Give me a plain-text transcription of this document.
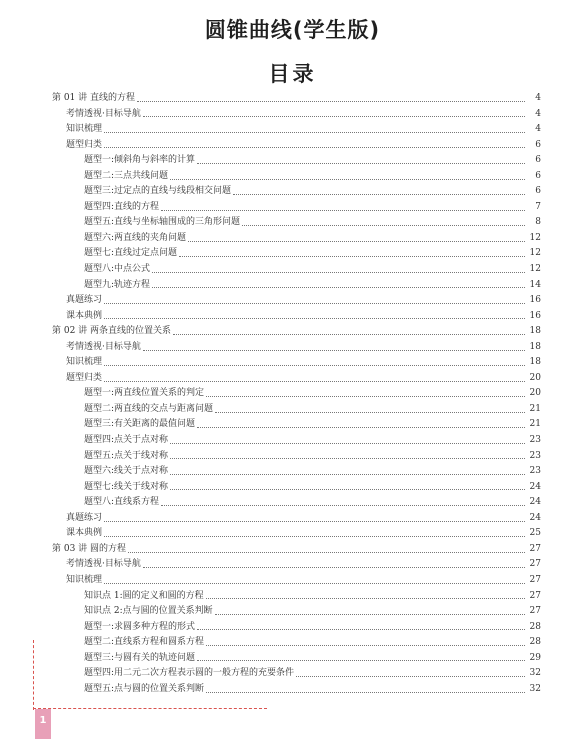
圆锥曲线(学生版)
目录
第 01 讲 直线的方程	4
考情透视·目标导航	4
知识梳理	4
题型归类	6
题型一:倾斜角与斜率的计算	6
题型二:三点共线问题	6
题型三:过定点的直线与线段相交问题	6
题型四:直线的方程	7
题型五:直线与坐标轴围成的三角形问题	8
题型六:两直线的夹角问题	12
题型七:直线过定点问题	12
题型八:中点公式	12
题型九:轨迹方程	14
真题练习	16
课本典例	16
第 02 讲 两条直线的位置关系	18
考情透视·目标导航	18
知识梳理	18
题型归类	20
题型一:两直线位置关系的判定	20
题型二:两直线的交点与距离问题	21
题型三:有关距离的最值问题	21
题型四:点关于点对称	23
题型五:点关于线对称	23
题型六:线关于点对称	23
题型七:线关于线对称	24
题型八:直线系方程	24
真题练习	24
课本典例	25
第 03 讲 圆的方程	27
考情透视·目标导航	27
知识梳理	27
知识点 1:圆的定义和圆的方程	27
知识点 2:点与圆的位置关系判断	27
题型一:求圆多种方程的形式	28
题型二:直线系方程和圆系方程	28
题型三:与圆有关的轨迹问题	29
题型四:用二元二次方程表示圆的一般方程的充要条件	32
题型五:点与圆的位置关系判断	32
1
